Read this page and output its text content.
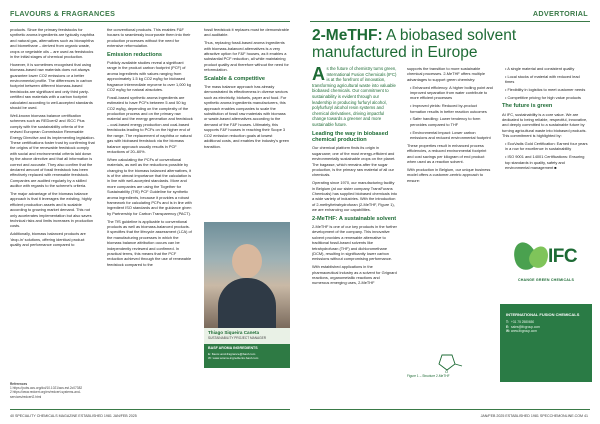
FLAVOURS & FRAGRANCES

products. Since the primary feedstocks for synthetic aroma ingredients are typically naphtha and natural gas, alternatives such as bionaphtha and biomethane – derived from organic waste, crops or vegetable oils – are used as feedstocks in the initial stages of chemical production.

However, it is sometimes recognised that using biomass-based raw materials does not always guarantee lower CO2 emissions or a better environmental profile. The differences in carbon footprint between different biomass-based feedstocks are significant and only third party-certified raw materials with a carbon footprint calculated according to well-accepted standards should be used.

Well-known biomass balance certification schemes such as REDcert2 and ISCC Plus comply with the sustainability criteria of the revised European Commission Renewable Energy Directive and its implementing legislation. These certifications foster trust by confirming that the origins of the renewable feedstock comply with social and environmental criteria laid down by the above directive and that all information is correct and accurate. They also confirm that the declared amount of fossil feedstock has been effectively replaced with renewable feedstock. Companies are audited regularly by a skilled auditor with regards to the scheme's criteria.

The major advantage of the biomass balance approach is that it leverages the existing, highly efficient production assets and is scalable according to growing market demand. This not only accelerates implementation but also saves technical risks and limits increases in production costs.

Additionally, biomass balanced products are 'drop-in' solutions, offering identical product quality and performance compared to

References
1 https://pubs.acs.org/doi/10.1021/acs.est.2c07382
2 https://www.redcert.org/en/redcert-systems-and-services/redcert2.html

the conventional products. This enables F&F houses to seamlessly incorporate them into their production processes without the need for extensive reformulation.

Emission reductions

Publicly available studies reveal a significant range in the product carbon footprint (PCF) of aroma ingredients with values ranging from approximately 1.5 kg CO2 eq/kg for biobased fragrance intermediate myrcene to over 1,000 kg CO2 eq/kg for natural absolutes.

Fossil-based synthetic aroma ingredients are estimated to have PCFs between 5 and 50 kg CO2 eq/kg, depending on the complexity of the production process and on the primary raw material and the energy generation and feedstock – coal-based energy production and coal-based feedstocks leading to PCFs on the higher end of the range. The replacement of naphtha or natural gas with biobased feedstock via the biomass balance approach usually results in PCF reductions of 20–60%.

When calculating the PCFs of conventional materials, as well as the reductions possible by changing to the biomass balanced alternatives, it is of the utmost importance that the calculation is in line with well-accepted standards. More and more companies are using the Together for Sustainability (TfS) PCF Guideline for synthetic aroma ingredients, because it provides a robust framework for calculating PCFs and is in line with ingredient ISO standards and the guidance given by Partnership for Carbon Transparency (PACT).

The TfS guideline is applicable to conventional products as well as biomass-balanced products. It specifies that the lifecycle assessment (LCA) of the manufacturing processes in which the biomass balance attribution occurs can be independently reviewed and confirmed. In practical terms, this means that the PCF reduction achieved through the use of renewable feedstock compared to the

fossil feedstock it replaces must be demonstrable and auditable.

Thus, replacing fossil-based aroma ingredients with biomass-balanced alternatives is a very attractive option for F&F houses, as it enables a substantial PCF reduction, all while maintaining product quality and therefore without the need for reformulation.

Scalable & competitive

The mass balance approach has already demonstrated its effectiveness in diverse sectors such as electricity, biofuels, paper and food. For synthetic aroma ingredients manufacturers, this approach enables companies to scale the substitution of fossil raw materials with biomass or waste-based alternatives according to the demand of the F&F houses. Ultimately, this supports F&F houses in reaching their Scope 3 CO2 emission reduction goals at lowest additional costs, and enables the industry's green transition.

Thiago Siqueira Caneta
SUSTAINABILITY PROJECT MANAGER
BASF AROMA INGREDIENTS
E: flavor-and-fragrance@basf.com
W: www.aroma-ingredients.basf.com
40 SPECIALITY CHEMICALS MAGAZINE ESTABLISHED 1981 JAN/FEB 2025
ADVERTORIAL
2-MeTHF: A biobased solvent manufactured in Europe

As the future of chemistry turns green, International Fusion Chemicals (IFC) is at the forefront of innovation, transforming agricultural waste into valuable biobased chemicals. Our commitment to sustainability is evident through our leadership in producing furfuryl alcohol, polyfurfuryl alcohol resin systems and chemical derivatives, driving impactful change towards a greener and more sustainable future.

Leading the way in biobased chemical production

Our chemical platform finds its origin in sugarcane; one of the most energy-efficient and environmentally sustainable crops on the planet. The bagasse, which remains after the sugar production, is the primary raw material of all our chemicals.

Operating since 1970, our manufacturing facility in Belgium (at our sister company TransFurans Chemicals) has supplied biobased chemicals into a wide variety of industries. With the introduction of 2-methyltetrahydrofuran (2-MeTHF, Figure 1), we are enhancing our capabilities.

2-MeTHF: A sustainable solvent

2-MeTHF is one of our key products in the further development of the company. This innovative solvent provides a renewable alternative to traditional fossil-based solvents like tetrahydrofuran (THF) and dichloromethane (DCM), resulting in significantly lower carbon emissions without compromising performance.

With established applications in the pharmaceutical industry as a solvent for Grignard reactions, organometallic reactions and numerous emerging uses, 2-MeTHF

supports the transition to more sustainable chemical processes. 2-MeTHF offers multiple advantages to support green chemistry:

• Enhanced efficiency: A higher boiling point and improved separation from water contribute to more efficient processes

• Improved yields: Reduced by-product formation results in better reaction outcomes

• Safer handling: Lower tendency to form peroxides compared to THF

• Environmental impact: Lower carbon emissions and reduced environmental footprint

These properties result in enhanced process efficiencies, a reduced environmental footprint and cost savings per kilogram of end product when used as a reaction solvent.

With production in Belgium, our unique business model offers a customer-centric approach to ensure:

O
Figure 1 – Structure 2-MeTHF

• A single material and consistent quality

• Local stocks of material with reduced lead times

• Flexibility in logistics to meet customer needs

• Competitive pricing for high value products

The future is green

At IFC, sustainability is a core value. We are dedicated to being reliable, respectful, innovative, and deeply committed to a sustainable future by turning agricultural waste into biobased products. This commitment is highlighted by:

• EcoVadis Gold Certification: Earned four years in a row for excellence in sustainability

• ISO 9001 and 14001 Certifications: Ensuring top standards in quality, safety and environmental management ■

IFC
CHANGE GREEN CHEMICALS
INTERNATIONAL FUSION CHEMICALS
T: +31 75 2580650
E: sales@ifcgroup.com
W:www.ifcgroup.com
JAN/FEB 2025 ESTABLISHED 1981 SPECCHEMONLINE.COM 41
